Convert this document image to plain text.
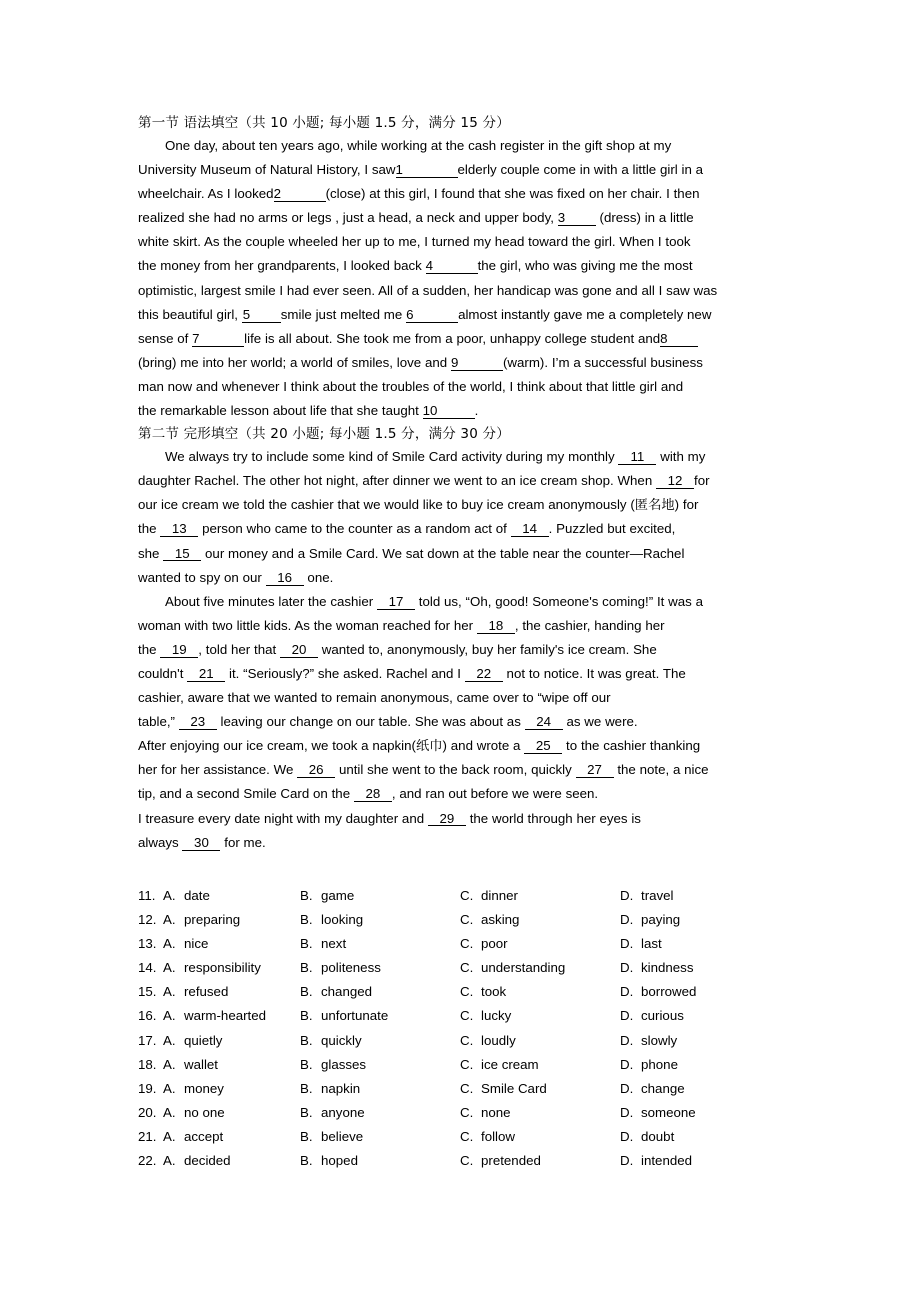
第一节 语法填空（共 10 小题; 每小题 1.5 分，满分 15 分）
One day, about ten years ago, while working at the cash register in the gift shop at my
University Museum of Natural History, I saw1	elderly couple come in with a little girl in a
wheelchair. As I looked2	(close) at this girl, I found that she was fixed on her chair. I then
realized she had no arms or legs , just a head, a neck and upper body, 3 (dress) in a little
white skirt. As the couple wheeled her up to me, I turned my head toward the girl. When I took
the money from her grandparents, I looked back 4	the girl, who was giving me the most
optimistic, largest smile I had ever seen. All of a sudden, her handicap was gone and all I saw was
this beautiful girl, 5 smile just melted me 6	almost instantly gave me a completely new
sense of 7	life is all about. She took me from a poor, unhappy college student and8
(bring) me into her world; a world of smiles, love and 9	(warm). I’m a successful business
man now and whenever I think about the troubles of the world, I think about that little girl and
the remarkable lesson about life that she taught 10	.
第二节 完形填空（共 20 小题; 每小题 1.5 分，满分 30 分）
We always try to include some kind of Smile Card activity during my monthly 11 with my
daughter Rachel. The other hot night, after dinner we went to an ice cream shop. When 12 for
our ice cream we told the cashier that we would like to buy ice cream anonymously (匿名地) for
the 13 person who came to the counter as a random act of 14 . Puzzled but excited,
she 15 our money and a Smile Card. We sat down at the table near the counter—Rachel
wanted to spy on our 16 one.
About five minutes later the cashier 17 told us, “Oh, good! Someone's coming!” It was a
woman with two little kids. As the woman reached for her 18 , the cashier, handing her
the 19 , told her that 20 wanted to, anonymously, buy her family's ice cream. She
couldn't 21 it. “Seriously?” she asked. Rachel and I 22 not to notice. It was great. The
cashier, aware that we wanted to remain anonymous, came over to “wipe off our
table,” 23 leaving our change on our table. She was about as 24 as we were.
After enjoying our ice cream, we took a napkin(纸巾) and wrote a 25 to the cashier thanking
her for her assistance. We 26 until she went to the back room, quickly 27 the note, a nice
tip, and a second Smile Card on the 28 , and ran out before we were seen.
I treasure every date night with my daughter and 29 the world through her eyes is
always 30 for me.
11. A. date	B. game	C. dinner	D. travel
12. A. preparing	B. looking	C. asking	D. paying
13. A. nice	B. next	C. poor	D. last
14. A. responsibility	B. politeness	C. understanding	D. kindness
15. A. refused	B. changed	C. took	D. borrowed
16. A. warm-hearted	B. unfortunate	C. lucky	D. curious
17. A. quietly	B. quickly	C. loudly	D. slowly
18. A. wallet	B. glasses	C. ice cream	D. phone
19. A. money	B. napkin	C. Smile Card	D. change
20. A. no one	B. anyone	C. none	D. someone
21. A. accept	B. believe	C. follow	D. doubt
22. A. decided	B. hoped	C. pretended	D. intended
